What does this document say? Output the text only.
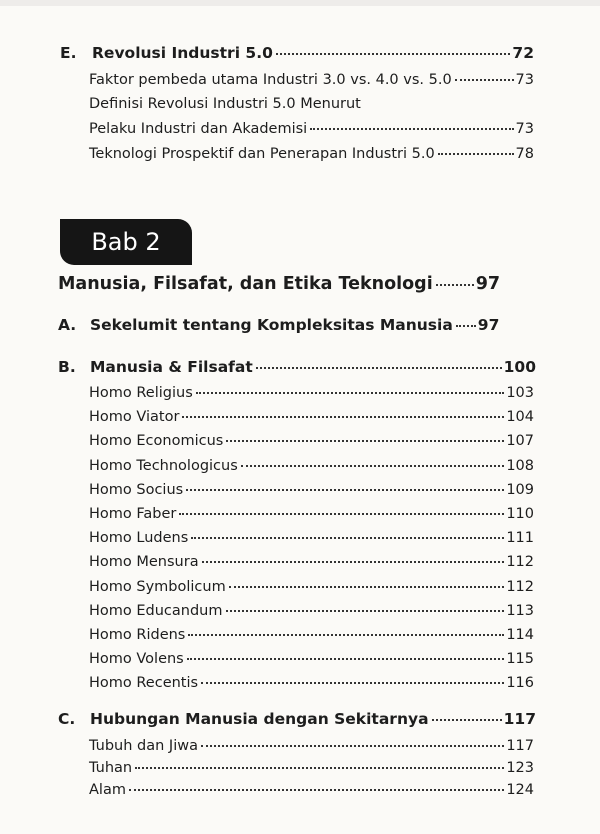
E.	Revolusi Industri 5.0	72
Faktor pembeda utama Industri 3.0 vs. 4.0 vs. 5.0	73
Definisi Revolusi Industri 5.0 Menurut
Pelaku Industri dan Akademisi	73
Teknologi Prospektif dan Penerapan Industri 5.0	78
Bab 2
Manusia, Filsafat, dan Etika Teknologi 97
A. Sekelumit tentang Kompleksitas Manusia 97
B. Manusia & Filsafat	100
Homo Religius	103
Homo Viator	104
Homo Economicus	107
Homo Technologicus	108
Homo Socius	109
Homo Faber	110
Homo Ludens	111
Homo Mensura	112
Homo Symbolicum	112
Homo Educandum	113
Homo Ridens	114
Homo Volens	115
Homo Recentis	116
C. Hubungan Manusia dengan Sekitarnya	117
Tubuh dan Jiwa	117
Tuhan	123
Alam	124
